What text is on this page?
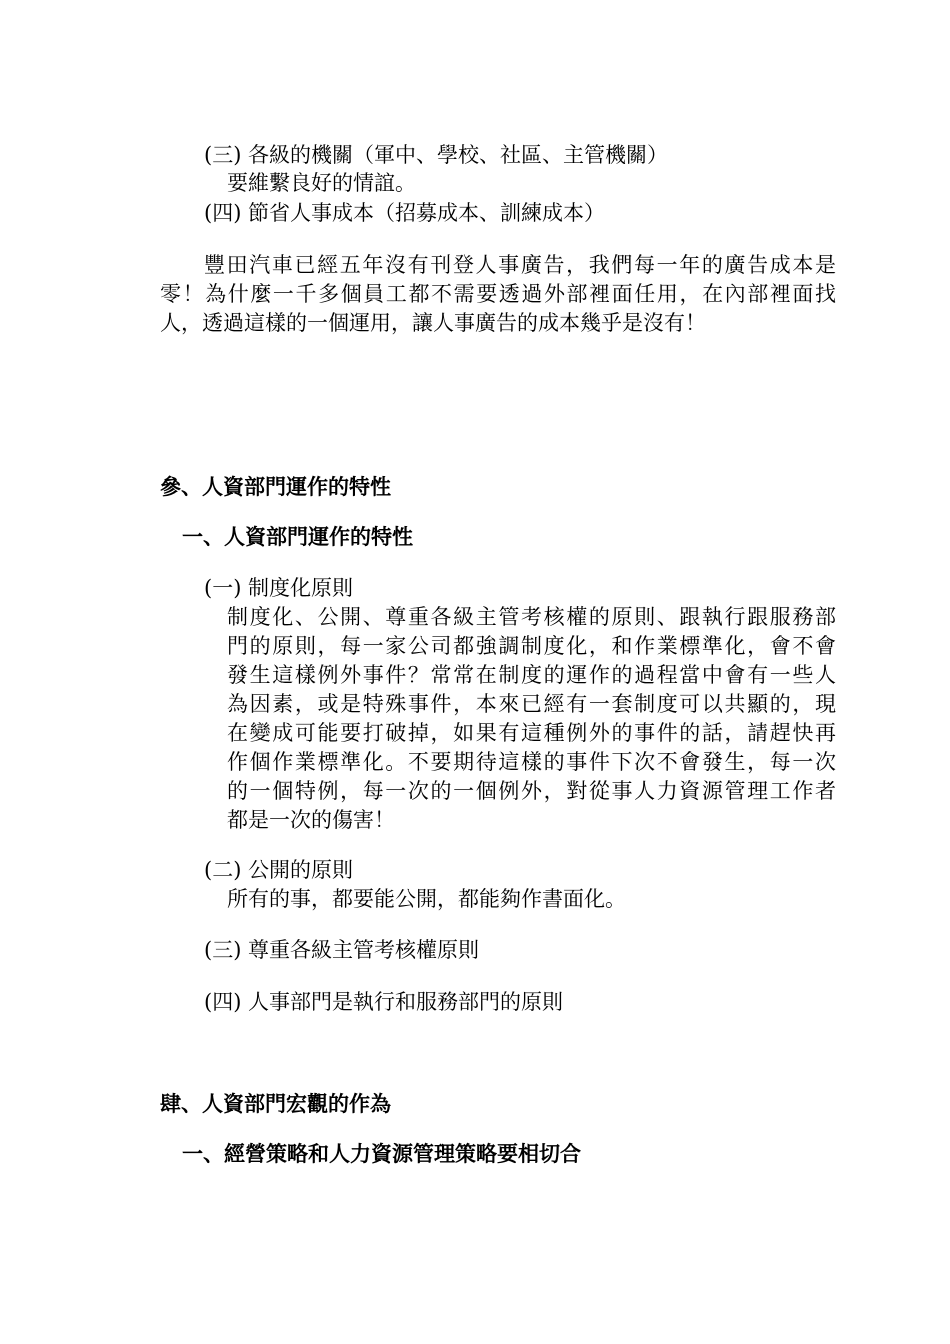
(三) 各級的機關（軍中、學校、社區、主管機關）
要維繫良好的情誼。
(四) 節省人事成本（招募成本、訓練成本）
豐田汽車已經五年沒有刊登人事廣告，我們每一年的廣告成本是
零！為什麼一千多個員工都不需要透過外部裡面任用，在內部裡面找
人，透過這樣的一個運用，讓人事廣告的成本幾乎是沒有！
參、人資部門運作的特性
一、人資部門運作的特性
(一) 制度化原則
制度化、公開、尊重各級主管考核權的原則、跟執行跟服務部
門的原則，每一家公司都強調制度化，和作業標準化，會不會
發生這樣例外事件？常常在制度的運作的過程當中會有一些人
為因素，或是特殊事件，本來已經有一套制度可以共顯的，現
在變成可能要打破掉，如果有這種例外的事件的話，請趕快再
作個作業標準化。不要期待這樣的事件下次不會發生，每一次
的一個特例，每一次的一個例外，對從事人力資源管理工作者
都是一次的傷害！
(二) 公開的原則
所有的事，都要能公開，都能夠作書面化。
(三) 尊重各級主管考核權原則
(四) 人事部門是執行和服務部門的原則
肆、人資部門宏觀的作為
一、經營策略和人力資源管理策略要相切合
